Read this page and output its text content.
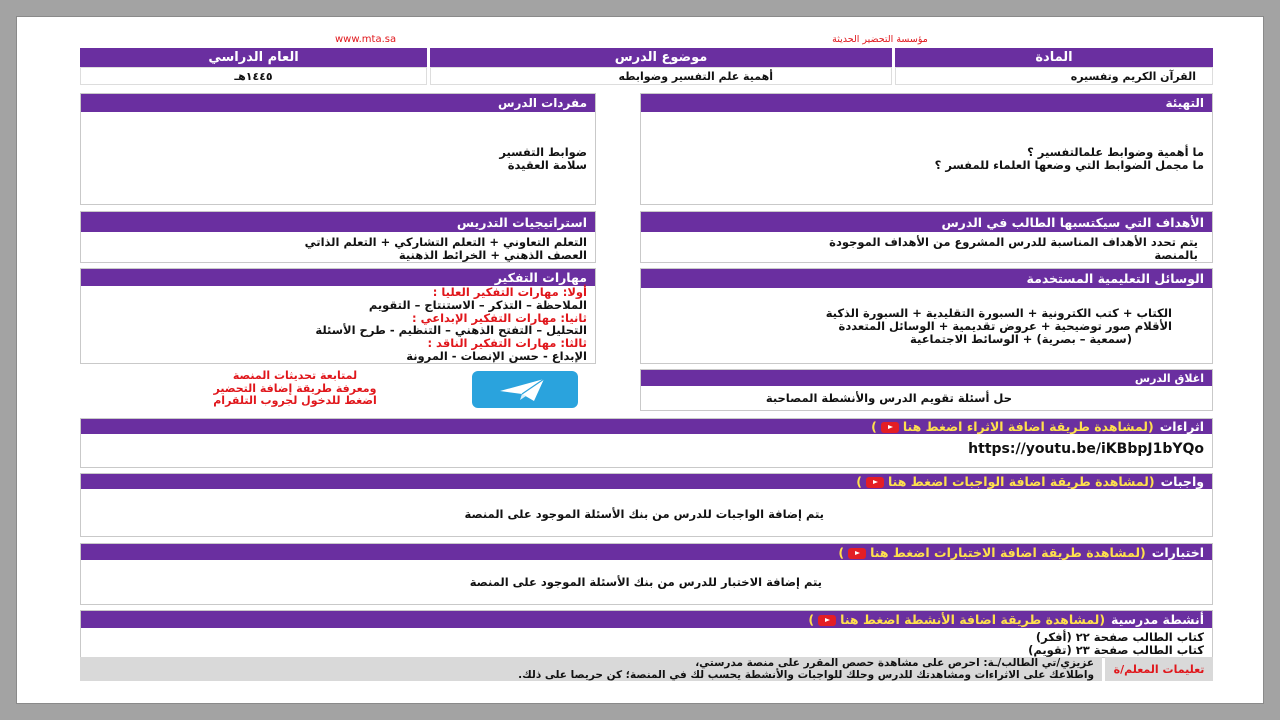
www.mta.sa	مؤسسة التحضير الحديثة
المادة
موضوع الدرس
العام الدراسي
القرآن الكريم وتفسيره
أهمية علم التفسير وضوابطه
١٤٤٥هـ
التهيئة
ما أهمية وضوابط علمالتفسير ؟
ما مجمل الضوابط التي وضعها العلماء للمفسر ؟
مفردات الدرس
ضوابط التفسير
سلامة العقيدة
الأهداف التي سيكتسبها الطالب في الدرس
يتم تحدد الأهداف المناسبة للدرس المشروع من الأهداف الموجودة
بالمنصة
استراتيجيات التدريس
التعلم التعاوني + التعلم التشاركي + التعلم الذاتي
العصف الذهني + الخرائط الذهنية
الوسائل التعليمية المستخدمة
الكتاب + كتب الكترونية + السبورة التقليدية + السبورة الذكية
الأقلام صور توضيحية + عروض تقديمية + الوسائل المتعددة
(سمعية – بصرية) + الوسائط الاجتماعية
مهارات التفكير
أولا: مهارات التفكير العليا :
الملاحظة – التذكر – الاستنتاج – التقويم
ثانيا: مهارات التفكير الإبداعي :
التحليل – التفتح الذهني – التنظيم - طرح الأسئلة
ثالثا: مهارات التفكير الناقد :
الإبداع - حسن الإنصات - المرونة
لمتابعة تحديثات المنصة
ومعرفة طريقة إضافة التحضير
اضغط للدخول لجروب التلقرام
اغلاق الدرس
حل أسئلة تقويم الدرس والأنشطة المصاحبة
اثراءات
(لمشاهدة طريقة اضافة الاثراء اضغط هنا)
https://youtu.be/iKBbpJ1bYQo
واجبات
(لمشاهدة طريقة اضافة الواجبات اضغط هنا)
يتم إضافة الواجبات للدرس من بنك الأسئلة الموجود على المنصة
اختبارات
(لمشاهدة طريقة اضافة الاختبارات اضغط هنا)
يتم إضافة الاختبار للدرس من بنك الأسئلة الموجود على المنصة
أنشطة مدرسية
(لمشاهدة طريقة اضافة الأنشطة اضغط هنا)
كتاب الطالب صفحة ٢٢ (أفكر)
كتاب الطالب صفحة ٢٣ (تقويم)
تعليمات المعلم/ة
عزيزي/تي الطالب/ـة: احرص على مشاهدة حصص المقرر على منصة مدرستي،
واطلاعك على الاثراءات ومشاهدتك للدرس وحلك للواجبات والأنشطة يحسب لك في المنصة؛ كن حريصا على ذلك.
